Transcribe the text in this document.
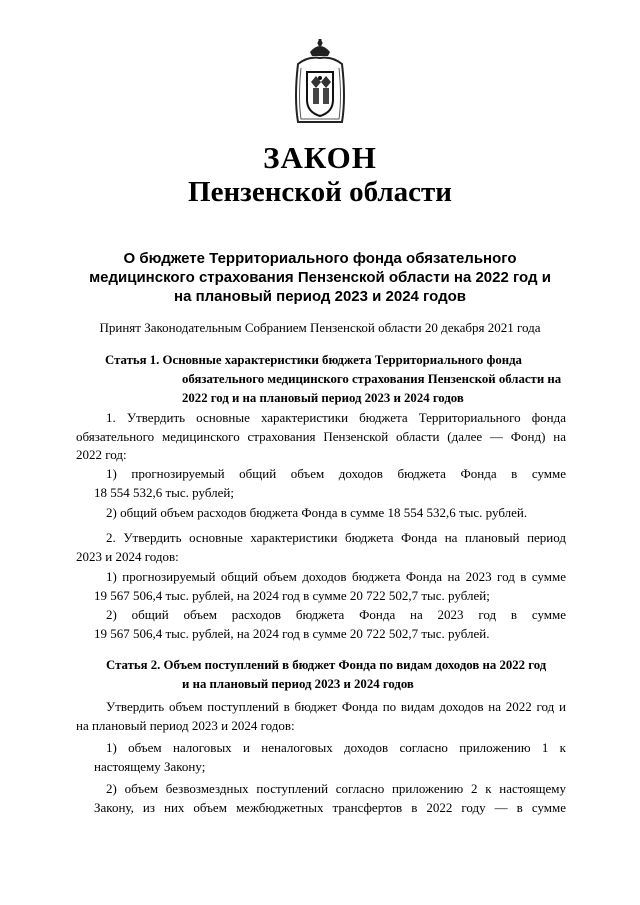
ЗАКОН
Пензенской области
О бюджете Территориального фонда обязательного
медицинского страхования Пензенской области на 2022 год и
на плановый период 2023 и 2024 годов
Принят Законодательным Собранием Пензенской области 20 декабря 2021 года
Статья 1. Основные характеристики бюджета Территориального фонда
обязательного медицинского страхования Пензенской области на
2022 год и на плановый период 2023 и 2024 годов
1. Утвердить основные характеристики бюджета Территориального фонда
обязательного медицинского страхования Пензенской области (далее — Фонд) на
2022 год:
1) прогнозируемый общий объем доходов бюджета Фонда в сумме
18 554 532,6 тыс. рублей;
2) общий объем расходов бюджета Фонда в сумме 18 554 532,6 тыс. рублей.
2. Утвердить основные характеристики бюджета Фонда на плановый период
2023 и 2024 годов:
1) прогнозируемый общий объем доходов бюджета Фонда на 2023 год в сумме
19 567 506,4 тыс. рублей, на 2024 год в сумме 20 722 502,7 тыс. рублей;
2) общий объем расходов бюджета Фонда на 2023 год в сумме
19 567 506,4 тыс. рублей, на 2024 год в сумме 20 722 502,7 тыс. рублей.
Статья 2. Объем поступлений в бюджет Фонда по видам доходов на 2022 год
и на плановый период 2023 и 2024 годов
Утвердить объем поступлений в бюджет Фонда по видам доходов на 2022 год и
на плановый период 2023 и 2024 годов:
1) объем налоговых и неналоговых доходов согласно приложению 1 к
настоящему Закону;
2) объем безвозмездных поступлений согласно приложению 2 к настоящему
Закону, из них объем межбюджетных трансфертов в 2022 году — в сумме
